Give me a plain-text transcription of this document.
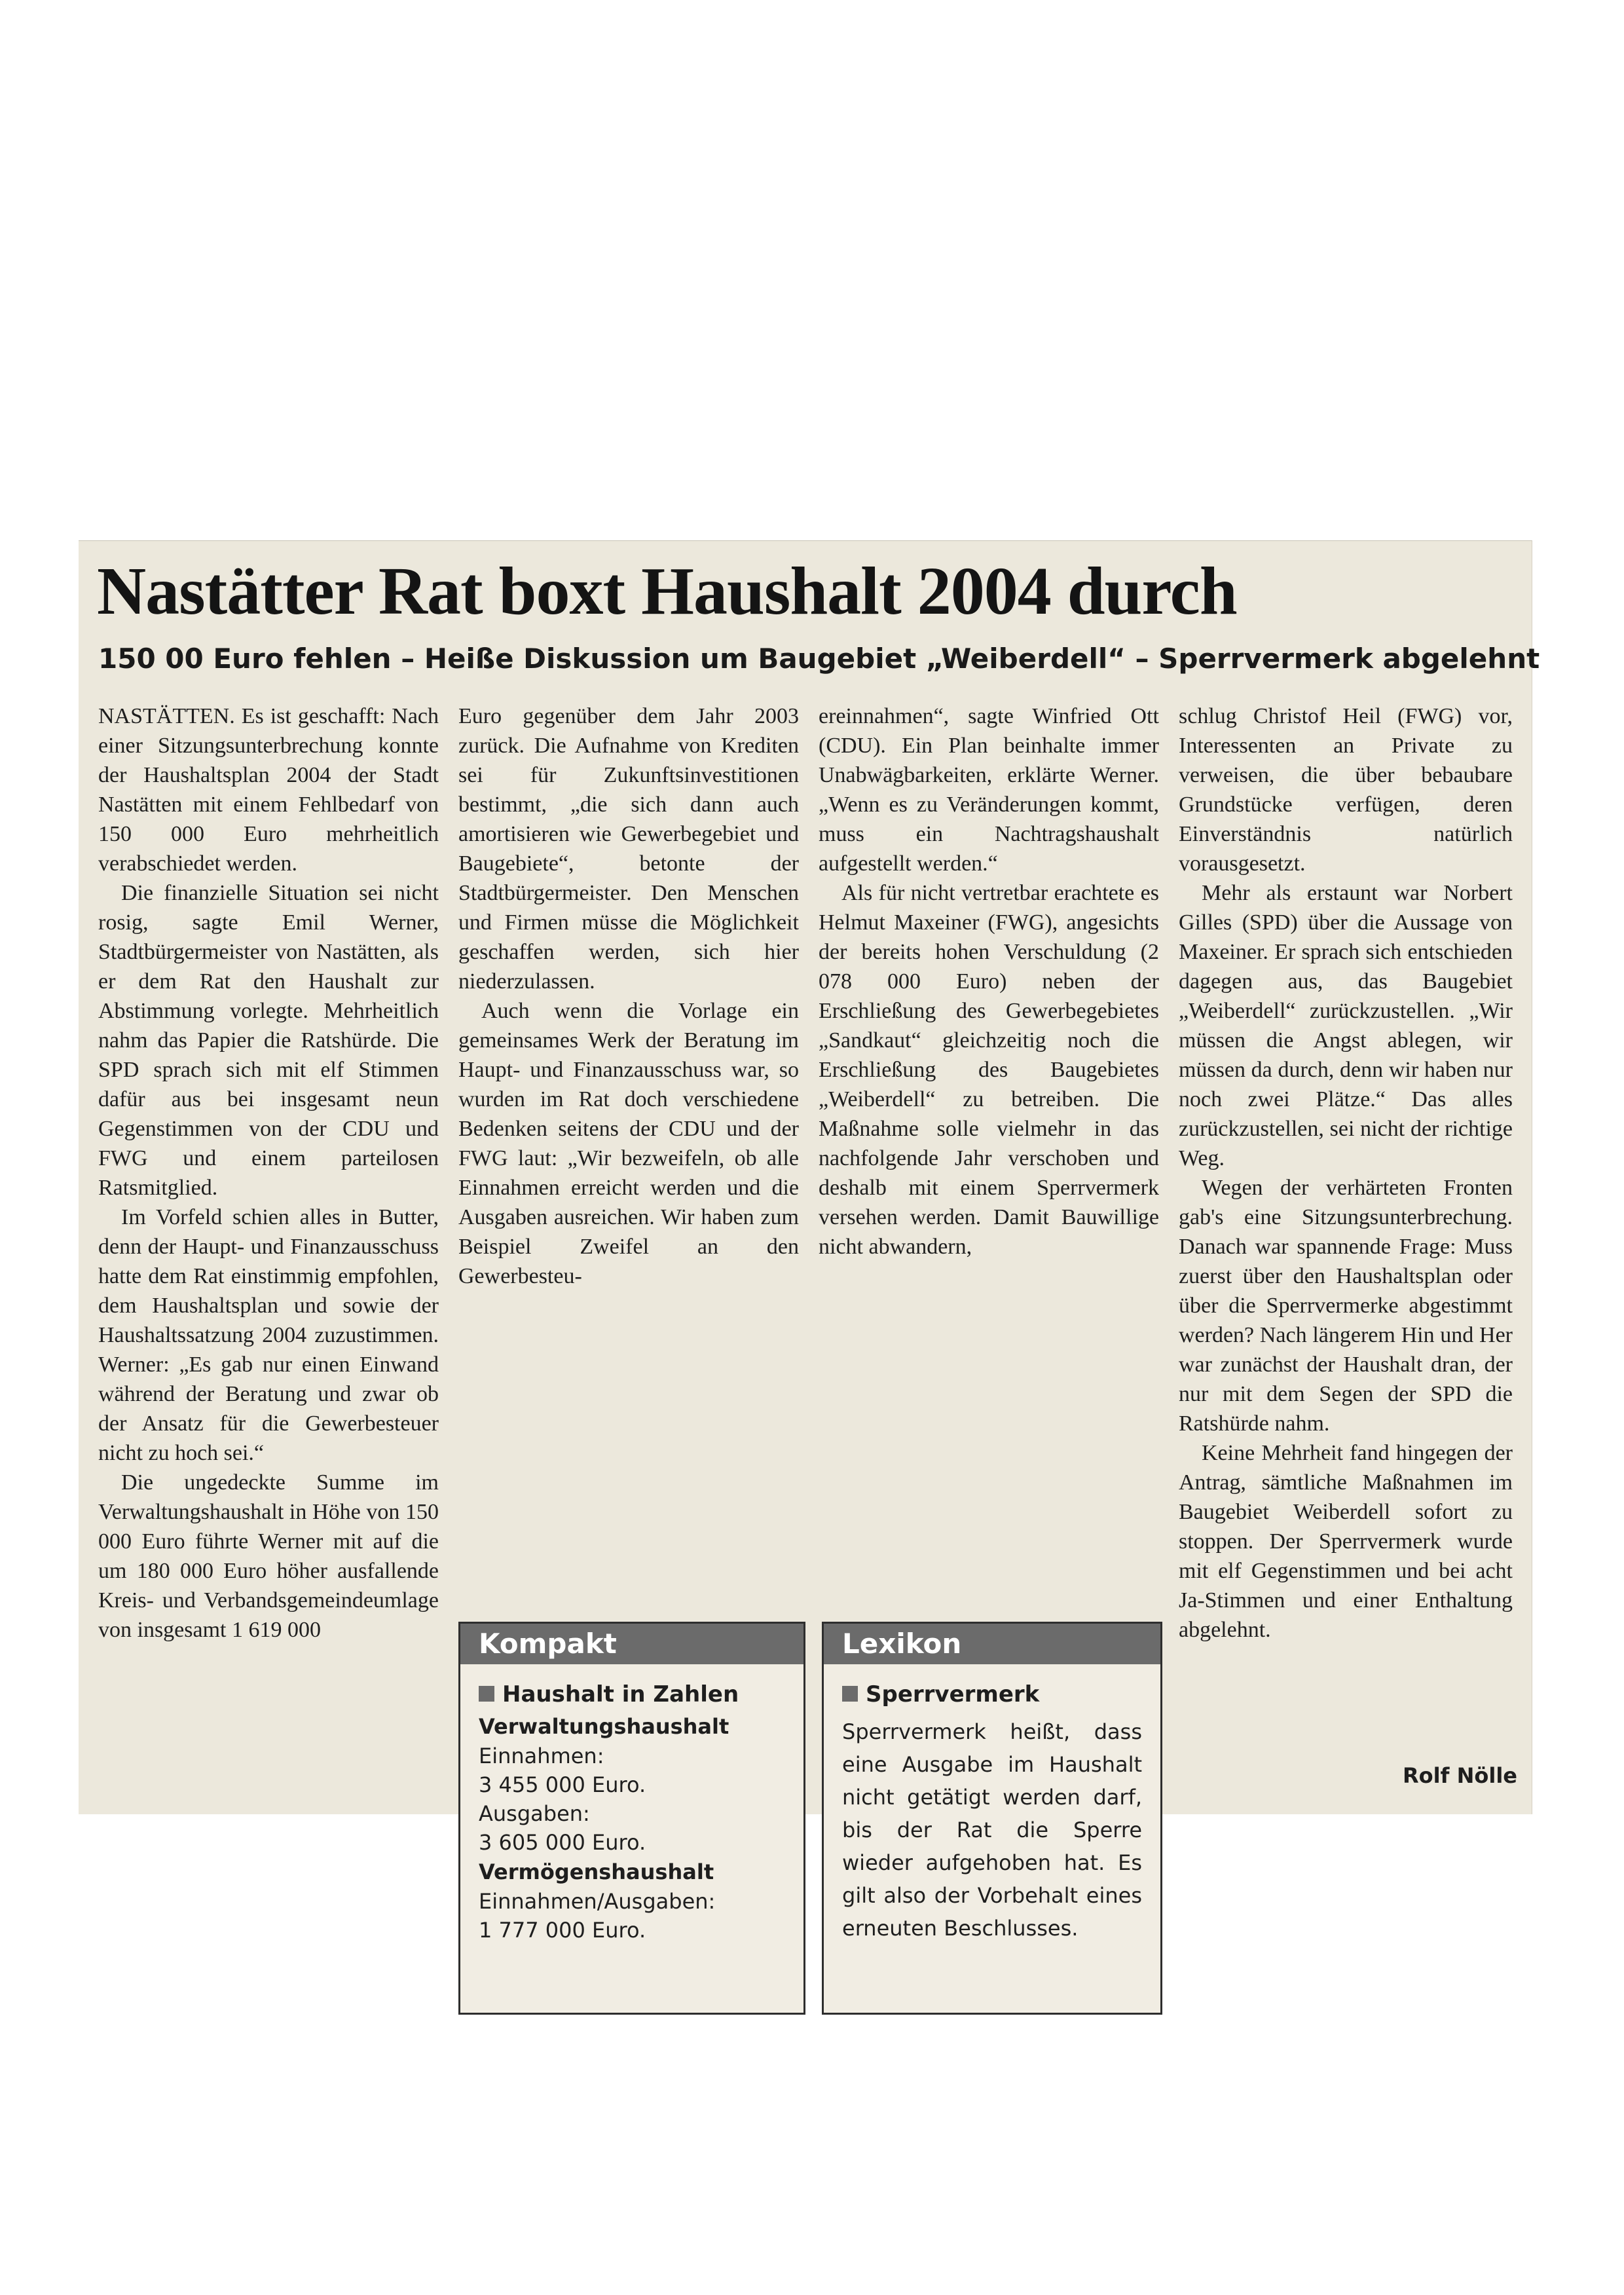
Nastätter Rat boxt Haushalt 2004 durch
150 00 Euro fehlen – Heiße Diskussion um Baugebiet „Weiberdell“ – Sperrvermerk abgelehnt

NASTÄTTEN. Es ist geschafft: Nach einer Sitzungsunterbrechung konnte der Haushaltsplan 2004 der Stadt Nastätten mit einem Fehlbedarf von 150 000 Euro mehrheitlich verabschiedet werden.

Die finanzielle Situation sei nicht rosig, sagte Emil Werner, Stadtbürgermeister von Nastätten, als er dem Rat den Haushalt zur Abstimmung vorlegte. Mehrheitlich nahm das Papier die Ratshürde. Die SPD sprach sich mit elf Stimmen dafür aus bei insgesamt neun Gegenstimmen von der CDU und FWG und einem parteilosen Ratsmitglied.

Im Vorfeld schien alles in Butter, denn der Haupt- und Finanzausschuss hatte dem Rat einstimmig empfohlen, dem Haushaltsplan und sowie der Haushaltssatzung 2004 zuzustimmen. Werner: „Es gab nur einen Einwand während der Beratung und zwar ob der Ansatz für die Gewerbesteuer nicht zu hoch sei.“

Die ungedeckte Summe im Verwaltungshaushalt in Höhe von 150 000 Euro führte Werner mit auf die um 180 000 Euro höher ausfallende Kreis- und Verbandsgemeindeumlage von insgesamt 1 619 000

Euro gegenüber dem Jahr 2003 zurück. Die Aufnahme von Krediten sei für Zukunftsinvestitionen bestimmt, „die sich dann auch amortisieren wie Gewerbegebiet und Baugebiete“, betonte der Stadtbürgermeister. Den Menschen und Firmen müsse die Möglichkeit geschaffen werden, sich hier niederzulassen.

Auch wenn die Vorlage ein gemeinsames Werk der Beratung im Haupt- und Finanzausschuss war, so wurden im Rat doch verschiedene Bedenken seitens der CDU und der FWG laut: „Wir bezweifeln, ob alle Einnahmen erreicht werden und die Ausgaben ausreichen. Wir haben zum Beispiel Zweifel an den Gewerbesteu-

ereinnahmen“, sagte Winfried Ott (CDU). Ein Plan beinhalte immer Unabwägbarkeiten, erklärte Werner. „Wenn es zu Veränderungen kommt, muss ein Nachtragshaushalt aufgestellt werden.“

Als für nicht vertretbar erachtete es Helmut Maxeiner (FWG), angesichts der bereits hohen Verschuldung (2 078 000 Euro) neben der Erschließung des Gewerbegebietes „Sandkaut“ gleichzeitig noch die Erschließung des Baugebietes „Weiberdell“ zu betreiben. Die Maßnahme solle vielmehr in das nachfolgende Jahr verschoben und deshalb mit einem Sperrvermerk versehen werden. Damit Bauwillige nicht abwandern,

schlug Christof Heil (FWG) vor, Interessenten an Private zu verweisen, die über bebaubare Grundstücke verfügen, deren Einverständnis natürlich vorausgesetzt.

Mehr als erstaunt war Norbert Gilles (SPD) über die Aussage von Maxeiner. Er sprach sich entschieden dagegen aus, das Baugebiet „Weiberdell“ zurückzustellen. „Wir müssen die Angst ablegen, wir müssen da durch, denn wir haben nur noch zwei Plätze.“ Das alles zurückzustellen, sei nicht der richtige Weg.

Wegen der verhärteten Fronten gab's eine Sitzungsunterbrechung. Danach war spannende Frage: Muss zuerst über den Haushaltsplan oder über die Sperrvermerke abgestimmt werden? Nach längerem Hin und Her war zunächst der Haushalt dran, der nur mit dem Segen der SPD die Ratshürde nahm.

Keine Mehrheit fand hingegen der Antrag, sämtliche Maßnahmen im Baugebiet Weiberdell sofort zu stoppen. Der Sperrvermerk wurde mit elf Gegenstimmen und bei acht Ja-Stimmen und einer Enthaltung abgelehnt.

Kompakt
Haushalt in Zahlen
Verwaltungshaushalt
Einnahmen:
3 455 000 Euro.
Ausgaben:
3 605 000 Euro.
Vermögenshaushalt
Einnahmen/Ausgaben:
1 777 000 Euro.
Lexikon
Sperrvermerk
Sperrvermerk heißt, dass eine Ausgabe im Haushalt nicht getätigt werden darf, bis der Rat die Sperre wieder aufgehoben hat. Es gilt also der Vorbehalt eines erneuten Beschlusses.
Rolf Nölle
